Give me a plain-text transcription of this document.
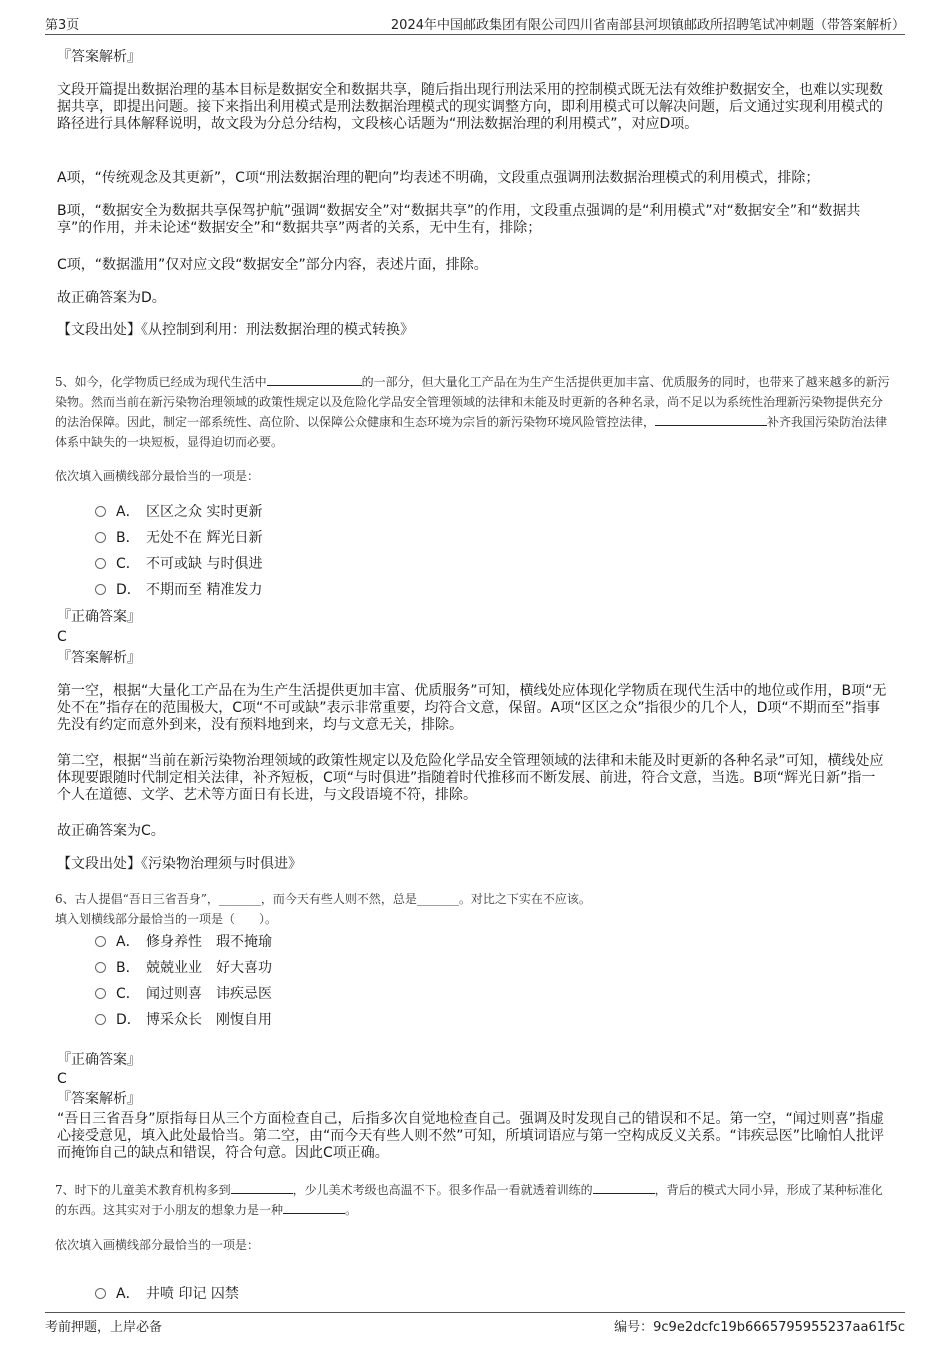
第3页	2024年中国邮政集团有限公司四川省南部县河坝镇邮政所招聘笔试冲刺题（带答案解析）
『答案解析』
文段开篇提出数据治理的基本目标是数据安全和数据共享，随后指出现行刑法采用的控制模式既无法有效维护数据安全，也难以实现数据共享，即提出问题。接下来指出利用模式是刑法数据治理模式的现实调整方向，即利用模式可以解决问题，后文通过实现利用模式的路径进行具体解释说明，故文段为分总分结构，文段核心话题为“刑法数据治理的利用模式”，对应D项。
A项，“传统观念及其更新”，C项“刑法数据治理的靶向”均表述不明确，文段重点强调刑法数据治理模式的利用模式，排除；
B项，“数据安全为数据共享保驾护航”强调“数据安全”对“数据共享”的作用，文段重点强调的是“利用模式”对“数据安全”和“数据共享”的作用，并未论述“数据安全”和“数据共享”两者的关系，无中生有，排除；
C项，“数据滥用”仅对应文段“数据安全”部分内容，表述片面，排除。
故正确答案为D。
【文段出处】《从控制到利用：刑法数据治理的模式转换》
5、如今，化学物质已经成为现代生活中	的一部分，但大量化工产品在为生产生活提供更加丰富、优质服务的同时，也带来了越来越多的新污染物。然而当前在新污染物治理领域的政策性规定以及危险化学品安全管理领域的法律和未能及时更新的各种名录，尚不足以为系统性治理新污染物提供充分的法治保障。因此，制定一部系统性、高位阶、以保障公众健康和生态环境为宗旨的新污染物环境风险管控法律，	补齐我国污染防治法律体系中缺失的一块短板，显得迫切而必要。
依次填入画横线部分最恰当的一项是：
A． 区区之众 实时更新
B． 无处不在 辉光日新
C． 不可或缺 与时俱进
D． 不期而至 精准发力
『正确答案』
C
『答案解析』
第一空，根据“大量化工产品在为生产生活提供更加丰富、优质服务”可知，横线处应体现化学物质在现代生活中的地位或作用，B项“无处不在”指存在的范围极大，C项“不可或缺”表示非常重要，均符合文意，保留。A项“区区之众”指很少的几个人，D项“不期而至”指事先没有约定而意外到来，没有预料地到来，均与文意无关，排除。
第二空，根据“当前在新污染物治理领域的政策性规定以及危险化学品安全管理领域的法律和未能及时更新的各种名录”可知，横线处应体现要跟随时代制定相关法律，补齐短板，C项“与时俱进”指随着时代推移而不断发展、前进，符合文意，当选。B项“辉光日新”指一个人在道德、文学、艺术等方面日有长进，与文段语境不符，排除。
故正确答案为C。
【文段出处】《污染物治理须与时俱进》
6、古人提倡“吾日三省吾身”，_______，而今天有些人则不然，总是_______。对比之下实在不应该。
填入划横线部分最恰当的一项是（　　）。
A． 修身养性　瑕不掩瑜
B． 兢兢业业　好大喜功
C． 闻过则喜　讳疾忌医
D． 博采众长　刚愎自用
『正确答案』
C
『答案解析』
“吾日三省吾身”原指每日从三个方面检查自己，后指多次自觉地检查自己。强调及时发现自己的错误和不足。第一空，“闻过则喜”指虚心接受意见，填入此处最恰当。第二空，由“而今天有些人则不然”可知，所填词语应与第一空构成反义关系。“讳疾忌医”比喻怕人批评而掩饰自己的缺点和错误，符合句意。因此C项正确。
7、时下的儿童美术教育机构多到	，少儿美术考级也高温不下。很多作品一看就透着训练的	，背后的模式大同小异，形成了某种标准化的东西。这其实对于小朋友的想象力是一种	。
依次填入画横线部分最恰当的一项是：
A． 井喷 印记 囚禁
考前押题，上岸必备	编号：9c9e2dcfc19b6665795955237aa61f5c
